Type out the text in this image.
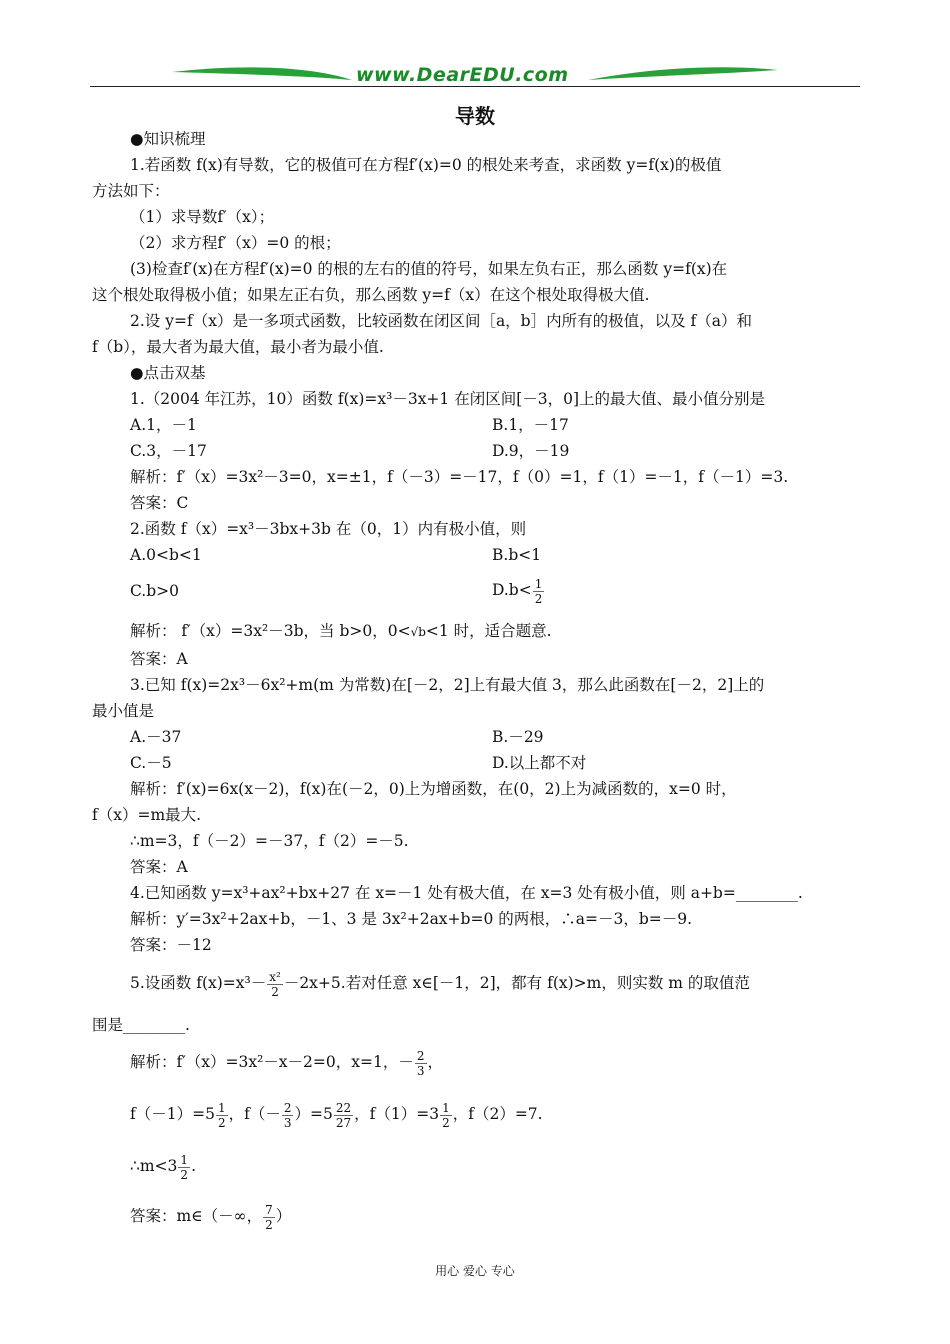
www.DearEDU.com
导数
●知识梳理
1.若函数 f(x)有导数，它的极值可在方程f′(x)=0 的根处来考查，求函数 y=f(x)的极值
方法如下：
（1）求导数f′（x）；
（2）求方程f′（x）=0 的根；
(3)检查f′(x)在方程f′(x)=0 的根的左右的值的符号，如果左负右正，那么函数 y=f(x)在
这个根处取得极小值；如果左正右负，那么函数 y=f（x）在这个根处取得极大值.
2.设 y=f（x）是一多项式函数，比较函数在闭区间［a，b］内所有的极值，以及 f（a）和
f（b），最大者为最大值，最小者为最小值.
●点击双基
1.（2004 年江苏，10）函数 f(x)=x³－3x+1 在闭区间[－3，0]上的最大值、最小值分别是
A.1，－1	B.1，－17
C.3，－17	D.9，－19
解析：f′（x）=3x²－3=0，x=±1，f（－3）=－17，f（0）=1，f（1）=－1，f（－1）=3.
答案：C
2.函数 f（x）=x³－3bx+3b 在（0，1）内有极小值，则
A.0<b<1	B.b<1
C.b>0	$D.b< \frac{1}{2}$
解析： f′（x）=3x²－3b，当 b>0，0<√b<1 时，适合题意.
答案：A
3.已知 f(x)=2x³－6x²+m(m 为常数)在[－2，2]上有最大值 3，那么此函数在[－2，2]上的
最小值是
A.－37	B.－29
C.－5	D.以上都不对
解析：f′(x)=6x(x－2)，f(x)在(－2，0)上为增函数，在(0，2)上为减函数的，x=0 时，
f（x）=m最大.
∴m=3，f（－2）=－37，f（2）=－5.
答案：A
4.已知函数 y=x³+ax²+bx+27 在 x=－1 处有极大值，在 x=3 处有极小值，则 a+b=________.
解析：y′=3x²+2ax+b，－1、3 是 3x²+2ax+b=0 的两根，∴a=－3，b=－9.
答案：－12
5.设函数 $f(x)=x^3- \frac{\text{x²}}{2} -2x+5$.若对任意 x∈[－1，2]，都有 f(x)>m，则实数 m 的取值范
围是________.
解析：f′（x）=3x²－x－2=0，x=1，－ $\frac{2}{3}$ ，
$f(-1)=5 \frac{1}{2}$ ，$f(- \frac{2}{3} )=5 \frac{22}{27}$ ，$f(1)=3 \frac{1}{2}$ ，f（2）=7.
∴m<3 $\frac{1}{2}$ .
答案：m∈（－∞， $\frac{7}{2}$ ）
用心 爱心 专心
